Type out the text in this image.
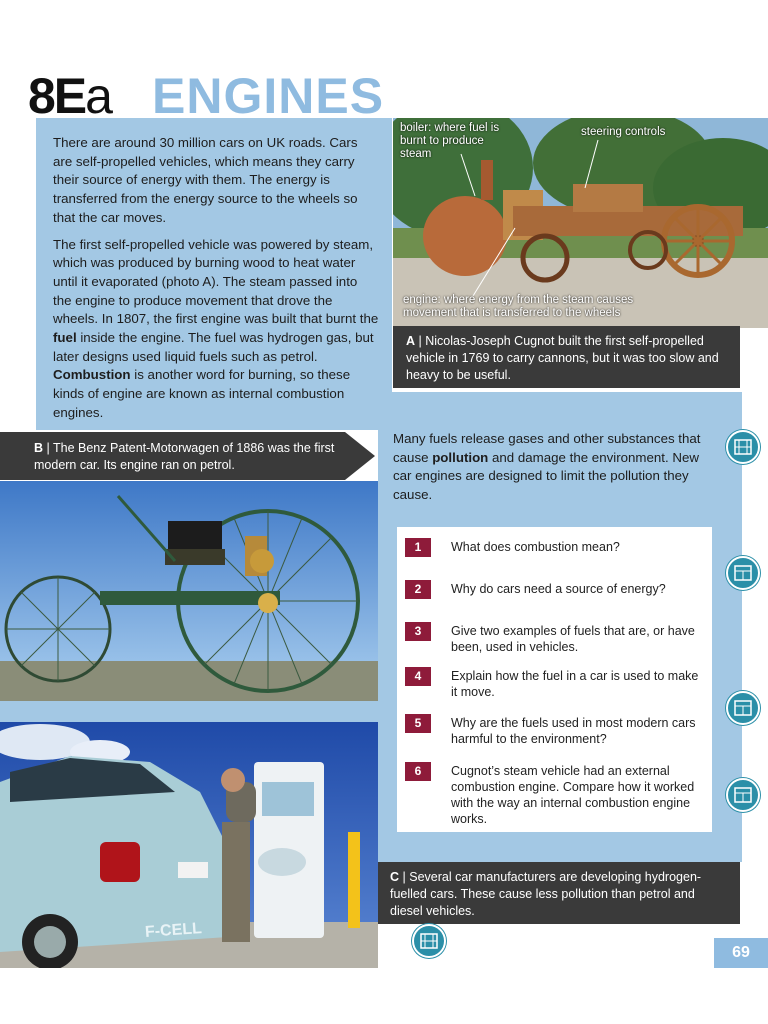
8Ea ENGINES

There are around 30 million cars on UK roads. Cars are self-propelled vehicles, which means they carry their source of energy with them. The energy is transferred from the energy source to the wheels so that the car moves.

The first self-propelled vehicle was powered by steam, which was produced by burning wood to heat water until it evaporated (photo A). The steam passed into the engine to produce movement that drove the wheels. In 1807, the first engine was built that burnt the fuel inside the engine. The fuel was hydrogen gas, but later designs used liquid fuels such as petrol. Combustion is another word for burning, so these kinds of engine are known as internal combustion engines.

boiler: where fuel is burnt to produce steam
steering controls
engine: where energy from the steam causes movement that is transferred to the wheels
A | Nicolas-Joseph Cugnot built the first self-propelled vehicle in 1769 to carry cannons, but it was too slow and heavy to be useful.
B | The Benz Patent-Motorwagen of 1886 was the first modern car. Its engine ran on petrol.
F-CELL

Many fuels release gases and other substances that cause pollution and damage the environment. New car engines are designed to limit the pollution they cause.

1	What does combustion mean?
2	Why do cars need a source of energy?
3	Give two examples of fuels that are, or have been, used in vehicles.
4	Explain how the fuel in a car is used to make it move.
5	Why are the fuels used in most modern cars harmful to the environment?
6	Cugnot’s steam vehicle had an external combustion engine. Compare how it worked with the way an internal combustion engine works.
C | Several car manufacturers are developing hydrogen-fuelled cars. These cause less pollution than petrol and diesel vehicles.
69
